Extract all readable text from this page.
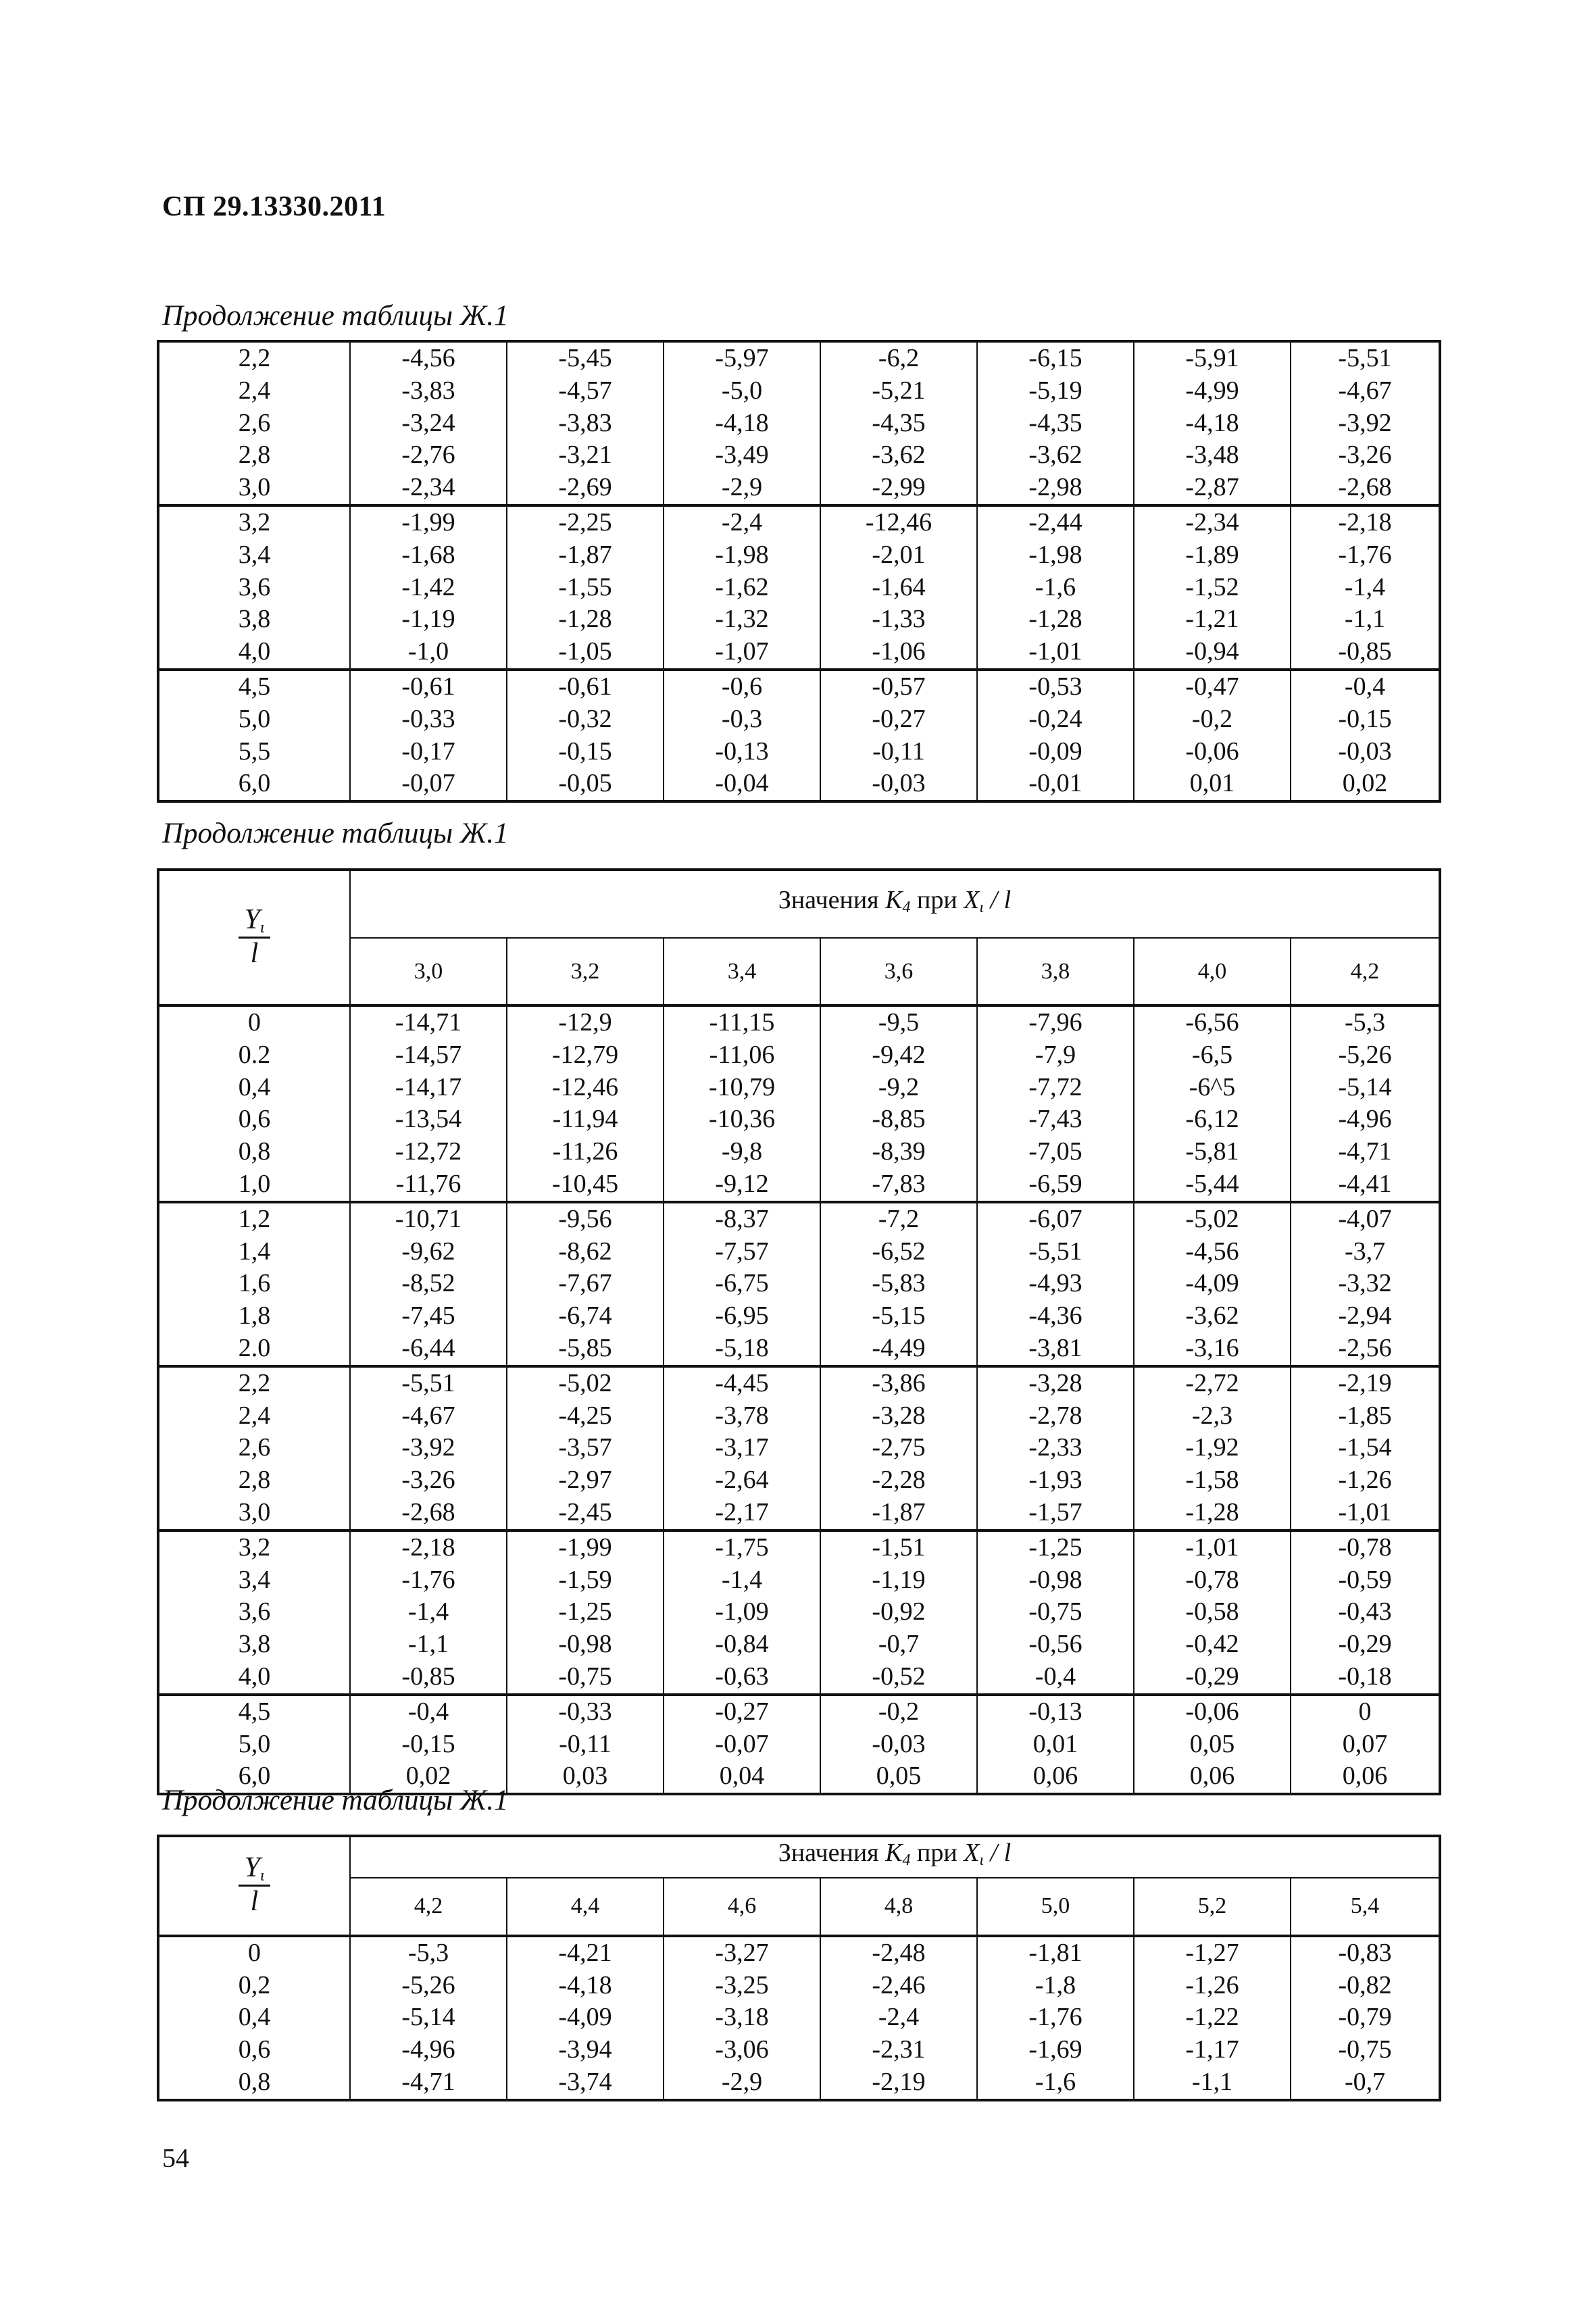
СП 29.13330.2011
Продолжение таблицы Ж.1
2,2	-4,56	-5,45	-5,97	-6,2	-6,15	-5,91	-5,51
2,4	-3,83	-4,57	-5,0	-5,21	-5,19	-4,99	-4,67
2,6	-3,24	-3,83	-4,18	-4,35	-4,35	-4,18	-3,92
2,8	-2,76	-3,21	-3,49	-3,62	-3,62	-3,48	-3,26
3,0	-2,34	-2,69	-2,9	-2,99	-2,98	-2,87	-2,68
3,2	-1,99	-2,25	-2,4	-12,46	-2,44	-2,34	-2,18
3,4	-1,68	-1,87	-1,98	-2,01	-1,98	-1,89	-1,76
3,6	-1,42	-1,55	-1,62	-1,64	-1,6	-1,52	-1,4
3,8	-1,19	-1,28	-1,32	-1,33	-1,28	-1,21	-1,1
4,0	-1,0	-1,05	-1,07	-1,06	-1,01	-0,94	-0,85
4,5	-0,61	-0,61	-0,6	-0,57	-0,53	-0,47	-0,4
5,0	-0,33	-0,32	-0,3	-0,27	-0,24	-0,2	-0,15
5,5	-0,17	-0,15	-0,13	-0,11	-0,09	-0,06	-0,03
6,0	-0,07	-0,05	-0,04	-0,03	-0,01	0,01	0,02
Продолжение таблицы Ж.1
$\frac{Y\iota}{l}$	Значения K4 при Xι / l						
	3,0	3,2	3,4	3,6	3,8	4,0	4,2
0	-14,71	-12,9	-11,15	-9,5	-7,96	-6,56	-5,3
0.2	-14,57	-12,79	-11,06	-9,42	-7,9	-6,5	-5,26
0,4	-14,17	-12,46	-10,79	-9,2	-7,72	-6^5	-5,14
0,6	-13,54	-11,94	-10,36	-8,85	-7,43	-6,12	-4,96
0,8	-12,72	-11,26	-9,8	-8,39	-7,05	-5,81	-4,71
1,0	-11,76	-10,45	-9,12	-7,83	-6,59	-5,44	-4,41
1,2	-10,71	-9,56	-8,37	-7,2	-6,07	-5,02	-4,07
1,4	-9,62	-8,62	-7,57	-6,52	-5,51	-4,56	-3,7
1,6	-8,52	-7,67	-6,75	-5,83	-4,93	-4,09	-3,32
1,8	-7,45	-6,74	-6,95	-5,15	-4,36	-3,62	-2,94
2.0	-6,44	-5,85	-5,18	-4,49	-3,81	-3,16	-2,56
2,2	-5,51	-5,02	-4,45	-3,86	-3,28	-2,72	-2,19
2,4	-4,67	-4,25	-3,78	-3,28	-2,78	-2,3	-1,85
2,6	-3,92	-3,57	-3,17	-2,75	-2,33	-1,92	-1,54
2,8	-3,26	-2,97	-2,64	-2,28	-1,93	-1,58	-1,26
3,0	-2,68	-2,45	-2,17	-1,87	-1,57	-1,28	-1,01
3,2	-2,18	-1,99	-1,75	-1,51	-1,25	-1,01	-0,78
3,4	-1,76	-1,59	-1,4	-1,19	-0,98	-0,78	-0,59
3,6	-1,4	-1,25	-1,09	-0,92	-0,75	-0,58	-0,43
3,8	-1,1	-0,98	-0,84	-0,7	-0,56	-0,42	-0,29
4,0	-0,85	-0,75	-0,63	-0,52	-0,4	-0,29	-0,18
4,5	-0,4	-0,33	-0,27	-0,2	-0,13	-0,06	0
5,0	-0,15	-0,11	-0,07	-0,03	0,01	0,05	0,07
6,0	0,02	0,03	0,04	0,05	0,06	0,06	0,06
Продолжение таблицы Ж.1
$\frac{Y\iota}{l}$	Значения K4 при Xι / l						
	4,2	4,4	4,6	4,8	5,0	5,2	5,4
0	-5,3	-4,21	-3,27	-2,48	-1,81	-1,27	-0,83
0,2	-5,26	-4,18	-3,25	-2,46	-1,8	-1,26	-0,82
0,4	-5,14	-4,09	-3,18	-2,4	-1,76	-1,22	-0,79
0,6	-4,96	-3,94	-3,06	-2,31	-1,69	-1,17	-0,75
0,8	-4,71	-3,74	-2,9	-2,19	-1,6	-1,1	-0,7
54
